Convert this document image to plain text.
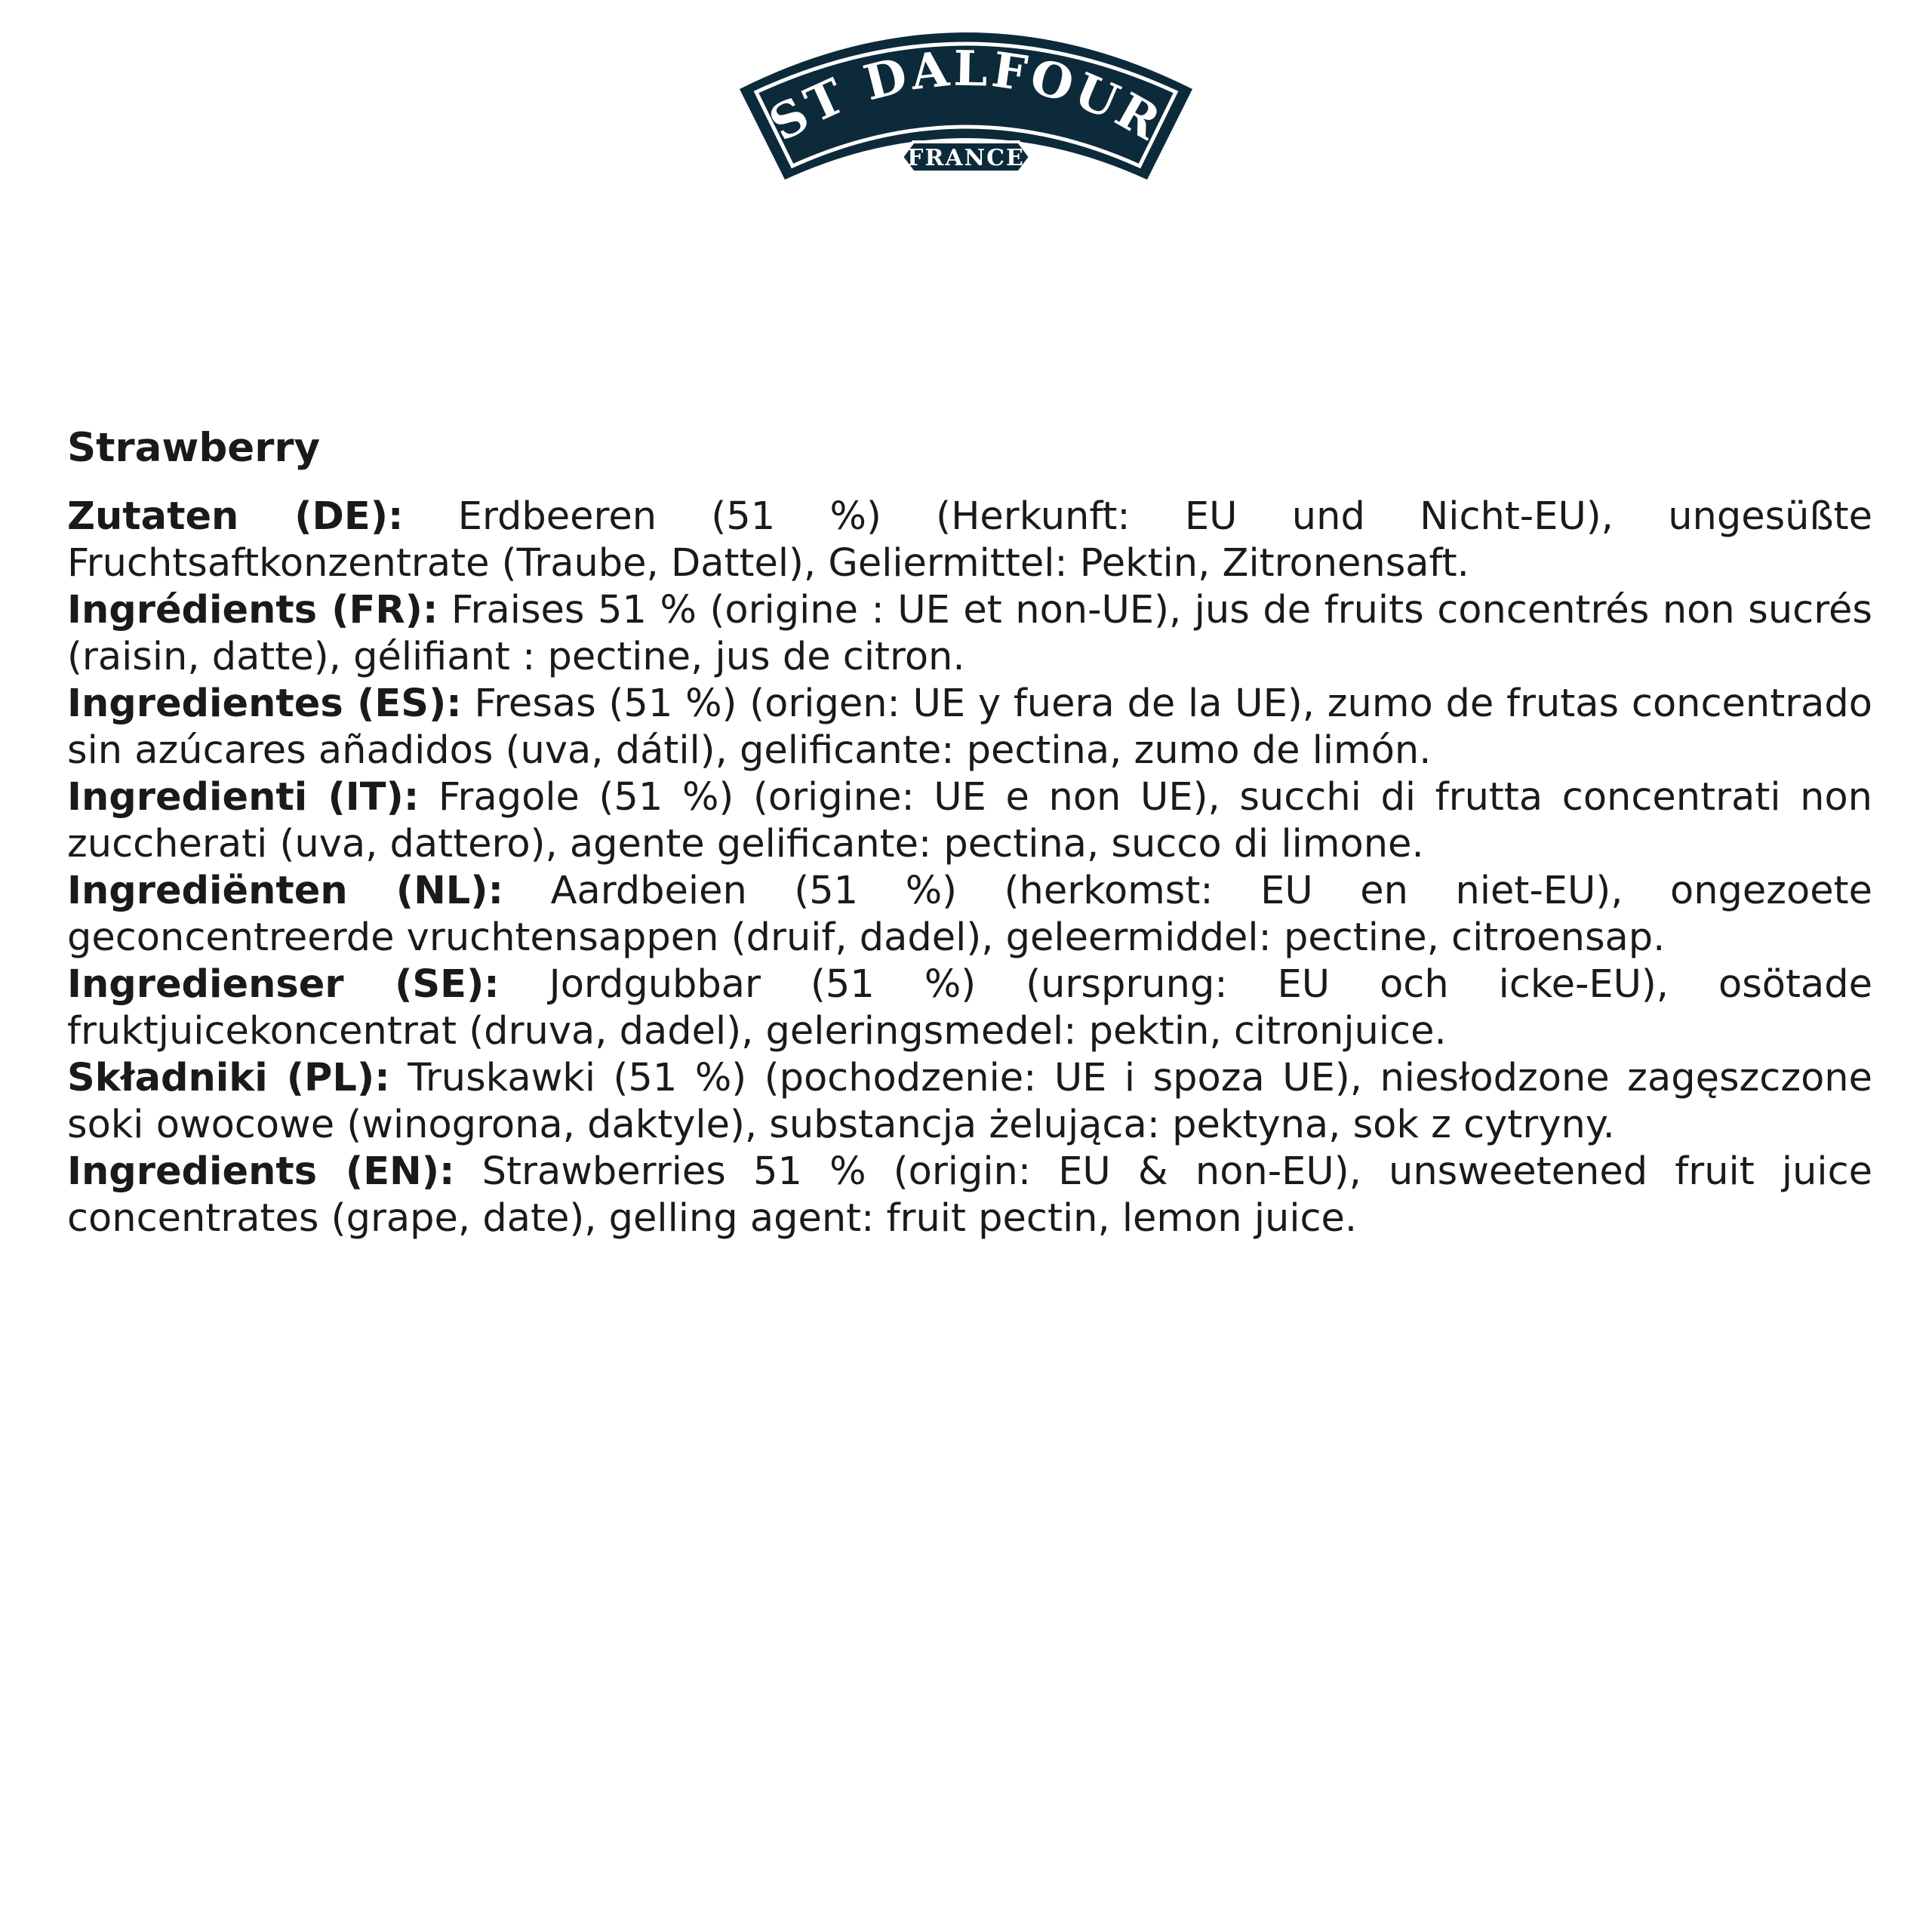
ST DALFOUR
FRANCE
Strawberry

Zutaten (DE): Erdbeeren (51 %) (Herkunft: EU und Nicht-EU), ungesüßte Fruchtsaftkonzentrate (Traube, Dattel), Geliermittel: Pektin, Zitronensaft.

Ingrédients (FR): Fraises 51 % (origine : UE et non-UE), jus de fruits concentrés non sucrés (raisin, datte), gélifiant : pectine, jus de citron.

Ingredientes (ES): Fresas (51 %) (origen: UE y fuera de la UE), zumo de frutas concentrado sin azúcares añadidos (uva, dátil), gelificante: pectina, zumo de limón.

Ingredienti (IT): Fragole (51 %) (origine: UE e non UE), succhi di frutta concentrati non zuccherati (uva, dattero), agente gelificante: pectina, succo di limone.

Ingrediënten (NL): Aardbeien (51 %) (herkomst: EU en niet-EU), ongezoete geconcentreerde vruchtensappen (druif, dadel), geleermiddel: pectine, citroensap.

Ingredienser (SE): Jordgubbar (51 %) (ursprung: EU och icke-EU), osötade fruktjuicekoncentrat (druva, dadel), geleringsmedel: pektin, citronjuice.

Składniki (PL): Truskawki (51 %) (pochodzenie: UE i spoza UE), niesłodzone zagęszczone soki owocowe (winogrona, daktyle), substancja żelująca: pektyna, sok z cytryny.

Ingredients (EN): Strawberries 51 % (origin: EU & non-EU), unsweetened fruit juice concentrates (grape, date), gelling agent: fruit pectin, lemon juice.
